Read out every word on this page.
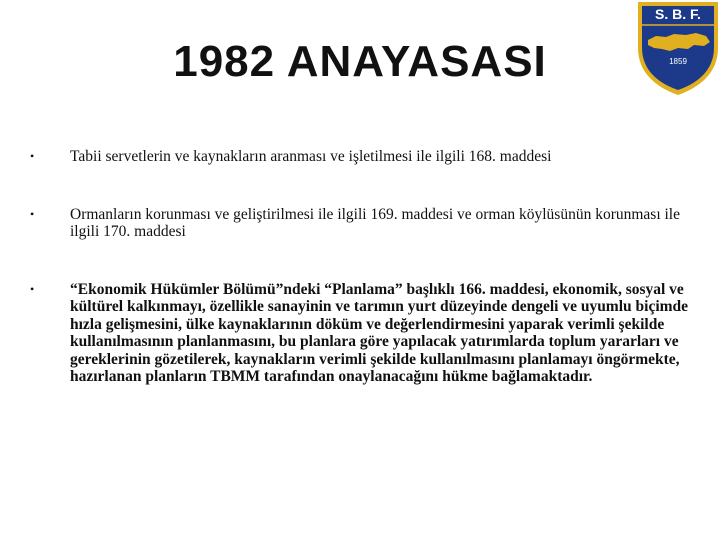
1982 ANAYASASI
S. B. F.
1859
•	Tabii servetlerin ve kaynakların aranması ve işletilmesi ile ilgili 168. maddesi
•	Ormanların korunması ve geliştirilmesi ile ilgili 169. maddesi ve orman köylüsünün korunması ile ilgili 170. maddesi
•	“Ekonomik Hükümler Bölümü”ndeki “Planlama” başlıklı 166. maddesi, ekonomik, sosyal ve kültürel kalkınmayı, özellikle sanayinin ve tarımın yurt düzeyinde dengeli ve uyumlu biçimde hızla gelişmesini, ülke kaynaklarının döküm ve değerlendirmesini yaparak verimli şekilde kullanılmasının planlanmasını, bu planlara göre yapılacak yatırımlarda toplum yararları ve gereklerinin gözetilerek, kaynakların verimli şekilde kullanılmasını planlamayı öngörmekte, hazırlanan planların TBMM tarafından onaylanacağını hükme bağlamaktadır.
